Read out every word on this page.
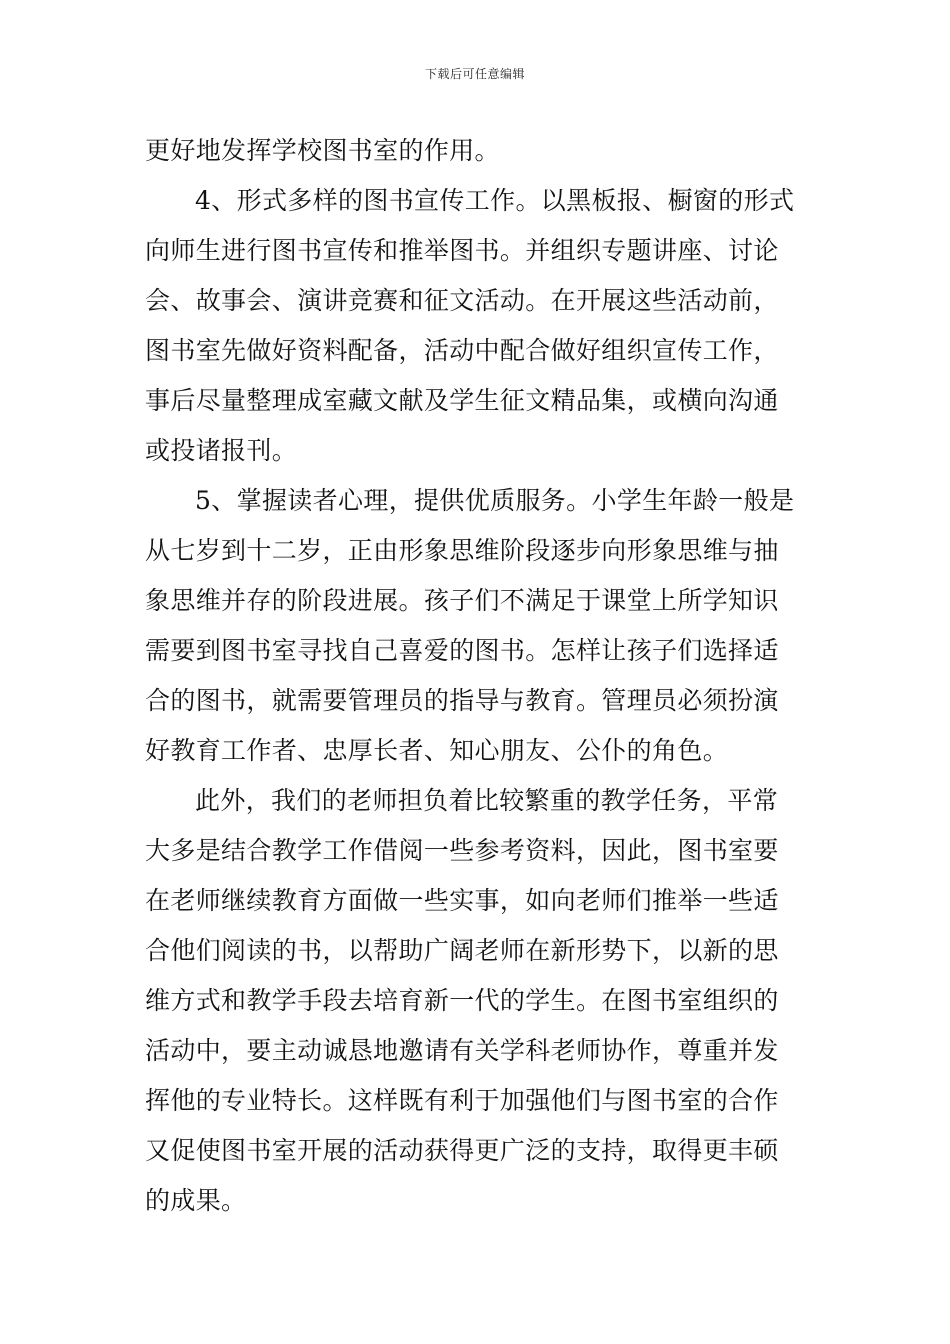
下载后可任意编辑
更好地发挥学校图书室的作用。
4、形式多样的图书宣传工作。以黑板报、橱窗的形式
向师生进行图书宣传和推举图书。并组织专题讲座、讨论
会、故事会、演讲竞赛和征文活动。在开展这些活动前，
图书室先做好资料配备，活动中配合做好组织宣传工作，
事后尽量整理成室藏文献及学生征文精品集，或横向沟通
或投诸报刊。
5、掌握读者心理，提供优质服务。小学生年龄一般是
从七岁到十二岁，正由形象思维阶段逐步向形象思维与抽
象思维并存的阶段进展。孩子们不满足于课堂上所学知识
需要到图书室寻找自己喜爱的图书。怎样让孩子们选择适
合的图书，就需要管理员的指导与教育。管理员必须扮演
好教育工作者、忠厚长者、知心朋友、公仆的角色。
此外，我们的老师担负着比较繁重的教学任务，平常
大多是结合教学工作借阅一些参考资料，因此，图书室要
在老师继续教育方面做一些实事，如向老师们推举一些适
合他们阅读的书，以帮助广阔老师在新形势下，以新的思
维方式和教学手段去培育新一代的学生。在图书室组织的
活动中，要主动诚恳地邀请有关学科老师协作，尊重并发
挥他的专业特长。这样既有利于加强他们与图书室的合作
又促使图书室开展的活动获得更广泛的支持，取得更丰硕
的成果。
